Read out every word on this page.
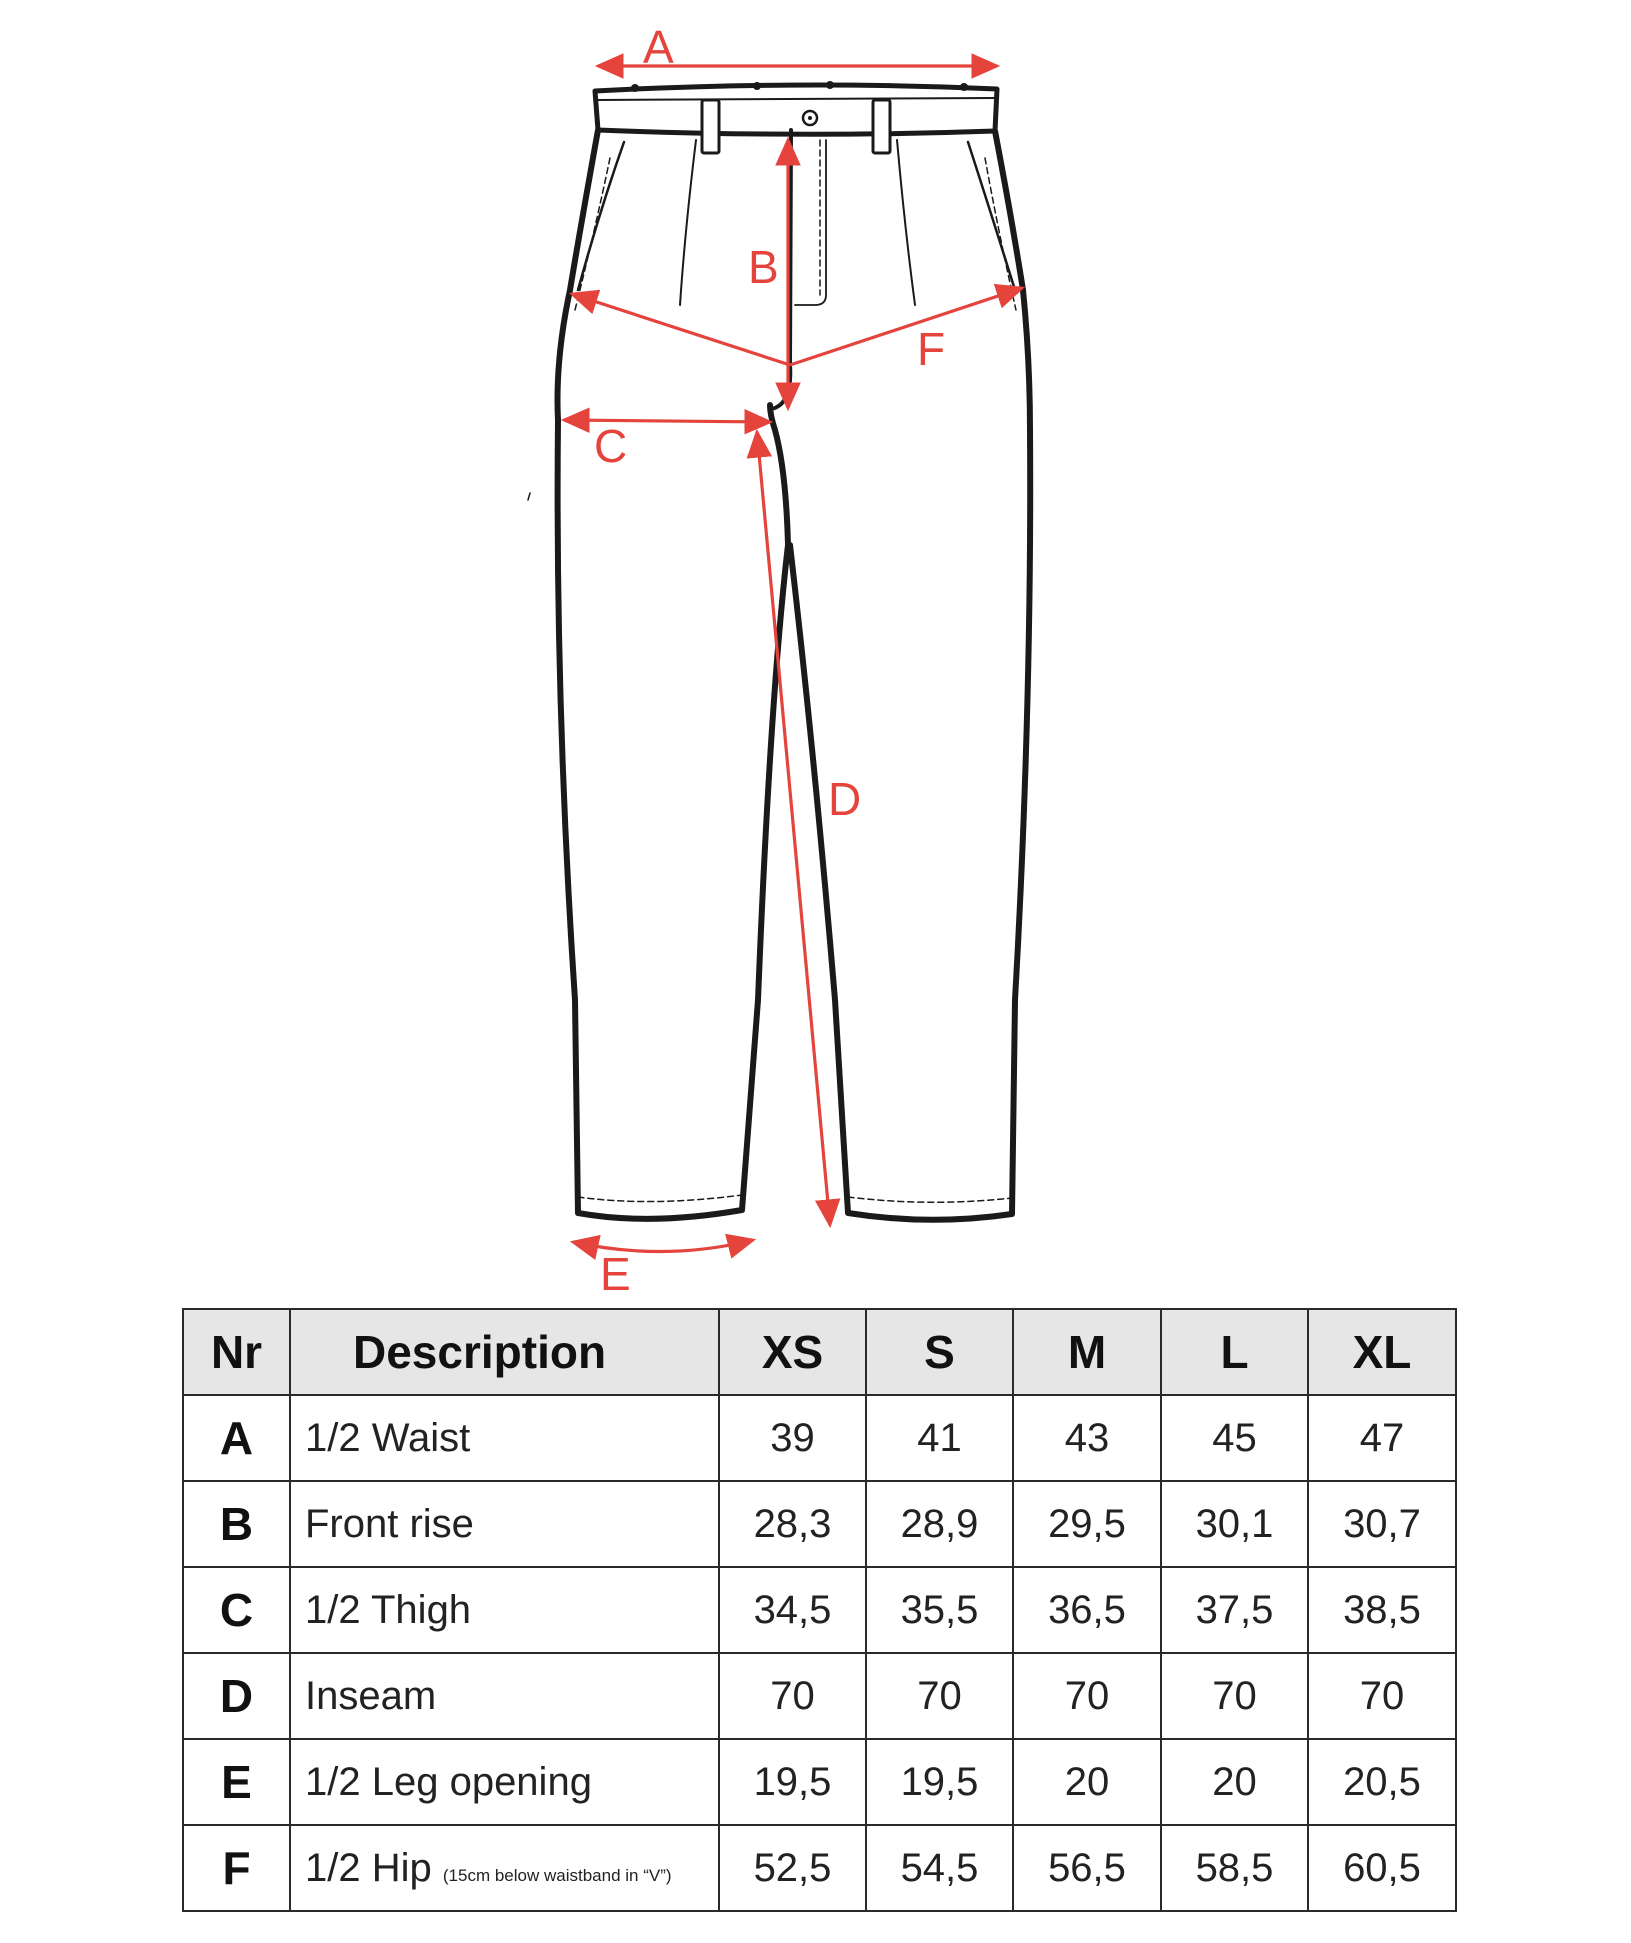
A
B
F
C
D
E
Nr	Description	XS	S	M	L	XL
A	1/2 Waist	39	41	43	45	47
B	Front rise	28,3	28,9	29,5	30,1	30,7
C	1/2 Thigh	34,5	35,5	36,5	37,5	38,5
D	Inseam	70	70	70	70	70
E	1/2 Leg opening	19,5	19,5	20	20	20,5
F	1/2 Hip (15cm below waistband in “V”)	52,5	54,5	56,5	58,5	60,5
